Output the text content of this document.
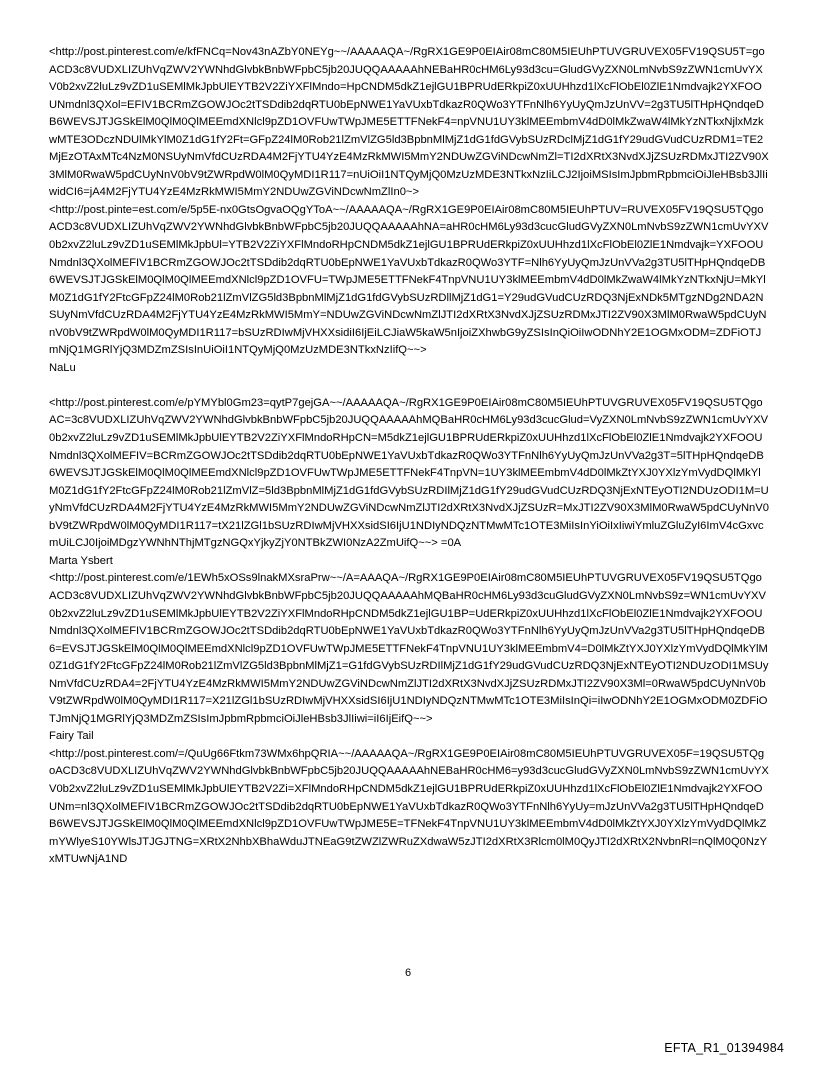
<http://post.pinterest.com/e/kfFNCq=Nov43nAZbY0NEYg~~/AAAAAQA~/RgRX1GE9P0EIAir08mC80M5IEUhPTUVGRUVEX05FV19QSU5T=goACD3c8VUDXLIZUhVqZWV2YWNhdGlvbkBnbWFpbC5jb20JUQQAAAAAhNEBaHR0cHM6Ly93d3cu=GludGVyZXN0LmNvbS9zZWN1cmUvYXV0b2xvZ2luLz9vZD1uSEMlMkJpbUlEYTB2V2ZiYXFlMndo=HpCNDM5dkZ1ejlGU1BPRUdERkpiZ0xUUHhzd1lXcFlObEl0ZlE1Nmdvajk2YXFOOUNmdnl3QXol=EFIV1BCRmZGOWJOc2tTSDdib2dqRTU0bEpNWE1YaVUxbTdkazR0QWo3YTFnNlh6YyUyQmJzUnVV=2g3TU5lTHpHQndqeDB6WEVSJTJGSkElM0QlM0QlMEEmdXNlcl9pZD1OVFUwTWpJME5ETTFNekF4=npVNU1UY3klMEEmbmV4dD0lMkZwaW4lMkYzNTkxNjlxMzkwMTE3ODczNDUlMkYlM0Z1dG1fY2Ft=GFpZ24lM0Rob21lZmVlZG5ld3BpbnMlMjZ1dG1fdGVybSUzRDclMjZ1dG1fY29udGVudCUzRDM1=TE2MjEzOTAxMTc4NzM0NSUyNmVfdCUzRDA4M2FjYTU4YzE4MzRkMWI5MmY2NDUwZGViNDcwNmZl=TI2dXRtX3NvdXJjZSUzRDMxJTI2ZV90X3MlM0RwaW5pdCUyNnV0bV9tZWRpdW0lM0QyMDI1R117=nUiOiI1NTQyMjQ0MzUzMDE3NTkxNzIiLCJ2IjoiMSIsImJpbmRpbmciOiJleHBsb3JlIiwidCI6=jA4M2FjYTU4YzE4MzRkMWI5MmY2NDUwZGViNDcwNmZlIn0~>
<http://post.pinte=est.com/e/5p5E-nx0GtsOgvaOQgYToA~~/AAAAAQA~/RgRX1GE9P0EIAir08mC80M5IEUhPTUV=RUVEX05FV19QSU5TQgoACD3c8VUDXLIZUhVqZWV2YWNhdGlvbkBnbWFpbC5jb20JUQQAAAAAhNA=aHR0cHM6Ly93d3cucGludGVyZXN0LmNvbS9zZWN1cmUvYXV0b2xvZ2luLz9vZD1uSEMlMkJpbUl=YTB2V2ZiYXFlMndoRHpCNDM5dkZ1ejlGU1BPRUdERkpiZ0xUUHhzd1lXcFlObEl0ZlE1Nmdvajk=YXFOOUNmdnl3QXolMEFIV1BCRmZGOWJOc2tTSDdib2dqRTU0bEpNWE1YaVUxbTdkazR0QWo3YTF=Nlh6YyUyQmJzUnVVa2g3TU5lTHpHQndqeDB6WEVSJTJGSkElM0QlM0QlMEEmdXNlcl9pZD1OVFU=TWpJME5ETTFNekF4TnpVNU1UY3klMEEmbmV4dD0lMkZwaW4lMkYzNTkxNjU=MkYlM0Z1dG1fY2FtcGFpZ24lM0Rob21lZmVlZG5ld3BpbnMlMjZ1dG1fdGVybSUzRDllMjZ1dG1=Y29udGVudCUzRDQ3NjExNDk5MTgzNDg2NDA2NSUyNmVfdCUzRDA4M2FjYTU4YzE4MzRkMWI5MmY=NDUwZGViNDcwNmZlJTI2dXRtX3NvdXJjZSUzRDMxJTI2ZV90X3MlM0RwaW5pdCUyNnV0bV9tZWRpdW0lM0QyMDI1R117=bSUzRDIwMjVHXXsidiI6IjEiLCJiaW5kaW5nIjoiZXhwbG9yZSIsInQiOiIwODNhY2E1OGMxODM=ZDFiOTJmNjQ1MGRlYjQ3MDZmZSIsInUiOiI1NTQyMjQ0MzUzMDE3NTkxNzIifQ~~>
NaLu
<http://post.pinterest.com/e/pYMYbl0Gm23=qytP7gejGA~~/AAAAAQA~/RgRX1GE9P0EIAir08mC80M5IEUhPTUVGRUVEX05FV19QSU5TQgoAC=3c8VUDXLIZUhVqZWV2YWNhdGlvbkBnbWFpbC5jb20JUQQAAAAAhMQBaHR0cHM6Ly93d3cucGlud=VyZXN0LmNvbS9zZWN1cmUvYXV0b2xvZ2luLz9vZD1uSEMlMkJpbUlEYTB2V2ZiYXFlMndoRHpCN=M5dkZ1ejlGU1BPRUdERkpiZ0xUUHhzd1lXcFlObEl0ZlE1Nmdvajk2YXFOOUNmdnl3QXolMEFIV=BCRmZGOWJOc2tTSDdib2dqRTU0bEpNWE1YaVUxbTdkazR0QWo3YTFnNlh6YyUyQmJzUnVVa2g3T=5lTHpHQndqeDB6WEVSJTJGSkElM0QlM0QlMEEmdXNlcl9pZD1OVFUwTWpJME5ETTFNekF4TnpVN=1UY3klMEEmbmV4dD0lMkZtYXJ0YXlzYmVydDQlMkYlM0Z1dG1fY2FtcGFpZ24lM0Rob21lZmVlZ=5ld3BpbnMlMjZ1dG1fdGVybSUzRDIlMjZ1dG1fY29udGVudCUzRDQ3NjExNTEyOTI2NDUzODI1M=UyNmVfdCUzRDA4M2FjYTU4YzE4MzRkMWI5MmY2NDUwZGViNDcwNmZlJTI2dXRtX3NvdXJjZSUzR=MxJTI2ZV90X3MlM0RwaW5pdCUyNnV0bV9tZWRpdW0lM0QyMDI1R117=tX21lZGl1bSUzRDIwMjVHXXsidSI6IjU1NDIyNDQzNTMwMTc1OTE3MiIsInYiOiIxIiwiYmluZGluZyI6ImV4cGxvcmUiLCJ0IjoiMDgzYWNhNThjMTgzNGQxYjkyZjY0NTBkZWI0NzA2ZmUifQ~~> =0A
Marta Ysbert
<http://post.pinterest.com/e/1EWh5xOSs9lnakMXsraPrw~~/A=AAAQA~/RgRX1GE9P0EIAir08mC80M5IEUhPTUVGRUVEX05FV19QSU5TQgoACD3c8VUDXLIZUhVqZWV2YWNhdGlvbkBnbWFpbC5jb20JUQQAAAAAhMQBaHR0cHM6Ly93d3cuGludGVyZXN0LmNvbS9z=WN1cmUvYXV0b2xvZ2luLz9vZD1uSEMlMkJpbUlEYTB2V2ZiYXFlMndoRHpCNDM5dkZ1ejlGU1BP=UdERkpiZ0xUUHhzd1lXcFlObEl0ZlE1Nmdvajk2YXFOOUNmdnl3QXolMEFIV1BCRmZGOWJOc2tTSDdib2dqRTU0bEpNWE1YaVUxbTdkazR0QWo3YTFnNlh6YyUyQmJzUnVVa2g3TU5lTHpHQndqeDB6=EVSJTJGSkElM0QlM0QlMEEmdXNlcl9pZD1OVFUwTWpJME5ETTFNekF4TnpVNU1UY3klMEEmbmV4=D0lMkZtYXJ0YXlzYmVydDQlMkYlM0Z1dG1fY2FtcGFpZ24lM0Rob21lZmVlZG5ld3BpbnMlMjZ1=G1fdGVybSUzRDIlMjZ1dG1fY29udGVudCUzRDQ3NjExNTEyOTI2NDUzODI1MSUyNmVfdCUzRDA4=2FjYTU4YzE4MzRkMWI5MmY2NDUwZGViNDcwNmZlJTI2dXRtX3NvdXJjZSUzRDMxJTI2ZV90X3Ml=0RwaW5pdCUyNnV0bV9tZWRpdW0lM0QyMDI1R117=X21lZGl1bSUzRDIwMjVHXXsidSI6IjU1NDIyNDQzNTMwMTc1OTE3MiIsInQi=iIwODNhY2E1OGMxODM0ZDFiOTJmNjQ1MGRlYjQ3MDZmZSIsImJpbmRpbmciOiJleHBsb3JlIiwi=iI6IjEifQ~~>
Fairy Tail
<http://post.pinterest.com/=/QuUg66Ftkm73WMx6hpQRIA~~/AAAAAQA~/RgRX1GE9P0EIAir08mC80M5IEUhPTUVGRUVEX05F=19QSU5TQgoACD3c8VUDXLIZUhVqZWV2YWNhdGlvbkBnbWFpbC5jb20JUQQAAAAAhNEBaHR0cHM6=y93d3cucGludGVyZXN0LmNvbS9zZWN1cmUvYXV0b2xvZ2luLz9vZD1uSEMlMkJpbUlEYTB2V2Zi=XFlMndoRHpCNDM5dkZ1ejlGU1BPRUdERkpiZ0xUUHhzd1lXcFlObEl0ZlE1Nmdvajk2YXFOOUNm=nl3QXolMEFIV1BCRmZGOWJOc2tTSDdib2dqRTU0bEpNWE1YaVUxbTdkazR0QWo3YTFnNlh6YyUy=mJzUnVVa2g3TU5lTHpHQndqeDB6WEVSJTJGSkElM0QlM0QlMEEmdXNlcl9pZD1OVFUwTWpJME5E=TFNekF4TnpVNU1UY3klMEEmbmV4dD0lMkZtYXJ0YXlzYmVydDQlMkZmYWlyeS10YWlsJTJGJTNG=XRtX2NhbXBhaWduJTNEaG9tZWZlZWRuZXdwaW5zJTI2dXRtX3Rlcm0lM0QyJTI2dXRtX2NvbnRl=nQlM0Q0NzYxMTUwNjA1ND
6
EFTA_R1_01394984
